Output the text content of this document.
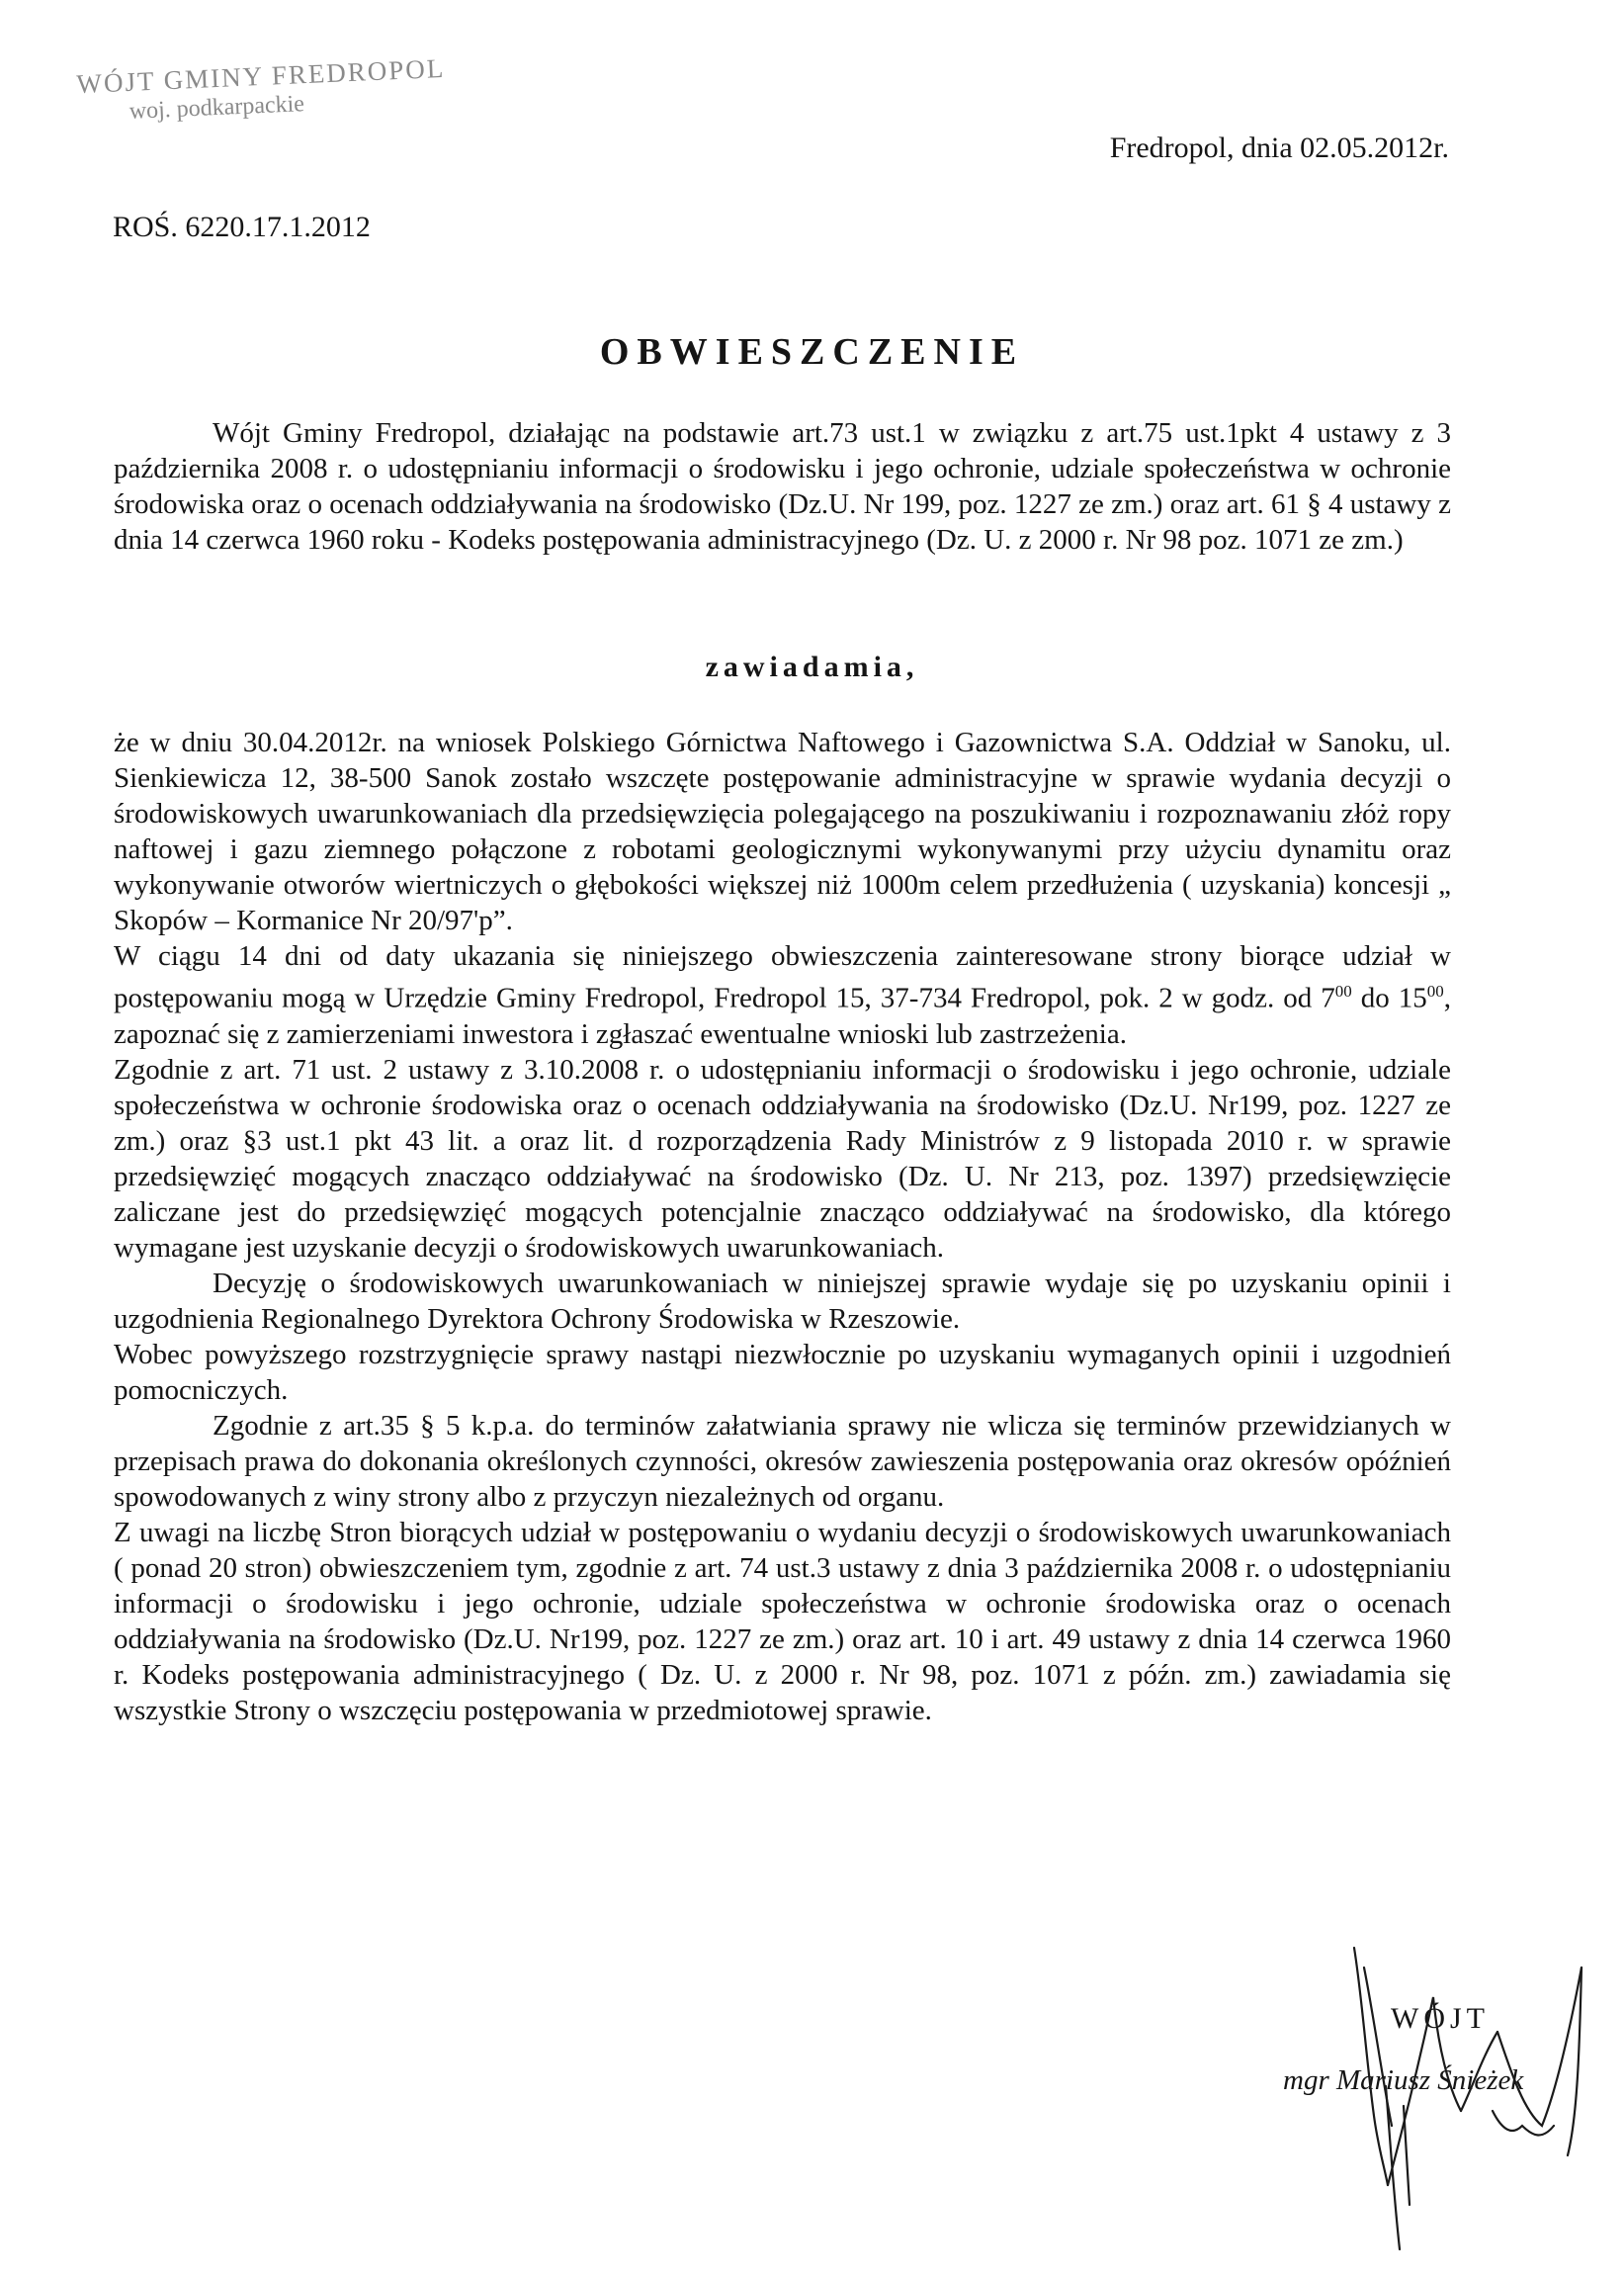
WÓJT GMINY FREDROPOL
woj. podkarpackie
Fredropol, dnia 02.05.2012r.
ROŚ. 6220.17.1.2012
OBWIESZCZENIE

Wójt Gminy Fredropol, działając na podstawie art.73 ust.1 w związku z art.75 ust.1pkt 4 ustawy z 3 października 2008 r. o udostępnianiu informacji o środowisku i jego ochronie, udziale społeczeństwa w ochronie środowiska oraz o ocenach oddziaływania na środowisko (Dz.U. Nr 199, poz. 1227 ze zm.) oraz art. 61 § 4 ustawy z dnia 14 czerwca 1960 roku - Kodeks postępowania administracyjnego (Dz. U. z 2000 r. Nr 98 poz. 1071 ze zm.)

zawiadamia,

że w dniu 30.04.2012r. na wniosek Polskiego Górnictwa Naftowego i Gazownictwa S.A. Oddział w Sanoku, ul. Sienkiewicza 12, 38-500 Sanok zostało wszczęte postępowanie administracyjne w sprawie wydania decyzji o środowiskowych uwarunkowaniach dla przedsięwzięcia polegającego na poszukiwaniu i rozpoznawaniu złóż ropy naftowej i gazu ziemnego połączone z robotami geologicznymi wykonywanymi przy użyciu dynamitu oraz wykonywanie otworów wiertniczych o głębokości większej niż 1000m celem przedłużenia ( uzyskania) koncesji „ Skopów – Kormanice Nr 20/97'p”.

W ciągu 14 dni od daty ukazania się niniejszego obwieszczenia zainteresowane strony biorące udział w postępowaniu mogą w Urzędzie Gminy Fredropol, Fredropol 15, 37-734 Fredropol, pok. 2 w godz. od $7^{00}$ do $15^{00}$, zapoznać się z zamierzeniami inwestora i zgłaszać ewentualne wnioski lub zastrzeżenia.

Zgodnie z art. 71 ust. 2 ustawy z 3.10.2008 r. o udostępnianiu informacji o środowisku i jego ochronie, udziale społeczeństwa w ochronie środowiska oraz o ocenach oddziaływania na środowisko (Dz.U. Nr199, poz. 1227 ze zm.) oraz §3 ust.1 pkt 43 lit. a oraz lit. d rozporządzenia Rady Ministrów z 9 listopada 2010 r. w sprawie przedsięwzięć mogących znacząco oddziaływać na środowisko (Dz. U. Nr 213, poz. 1397) przedsięwzięcie zaliczane jest do przedsięwzięć mogących potencjalnie znacząco oddziaływać na środowisko, dla którego wymagane jest uzyskanie decyzji o środowiskowych uwarunkowaniach.

Decyzję o środowiskowych uwarunkowaniach w niniejszej sprawie wydaje się po uzyskaniu opinii i uzgodnienia Regionalnego Dyrektora Ochrony Środowiska w Rzeszowie.

Wobec powyższego rozstrzygnięcie sprawy nastąpi niezwłocznie po uzyskaniu wymaganych opinii i uzgodnień pomocniczych.

Zgodnie z art.35 § 5 k.p.a. do terminów załatwiania sprawy nie wlicza się terminów przewidzianych w przepisach prawa do dokonania określonych czynności, okresów zawieszenia postępowania oraz okresów opóźnień spowodowanych z winy strony albo z przyczyn niezależnych od organu.

Z uwagi na liczbę Stron biorących udział w postępowaniu o wydaniu decyzji o środowiskowych uwarunkowaniach ( ponad 20 stron) obwieszczeniem tym, zgodnie z art. 74 ust.3 ustawy z dnia 3 października 2008 r. o udostępnianiu informacji o środowisku i jego ochronie, udziale społeczeństwa w ochronie środowiska oraz o ocenach oddziaływania na środowisko (Dz.U. Nr199, poz. 1227 ze zm.) oraz art. 10 i art. 49 ustawy z dnia 14 czerwca 1960 r. Kodeks postępowania administracyjnego ( Dz. U. z 2000 r. Nr 98, poz. 1071 z późn. zm.) zawiadamia się wszystkie Strony o wszczęciu postępowania w przedmiotowej sprawie.

WÓJT
mgr Mariusz Śnieżek
